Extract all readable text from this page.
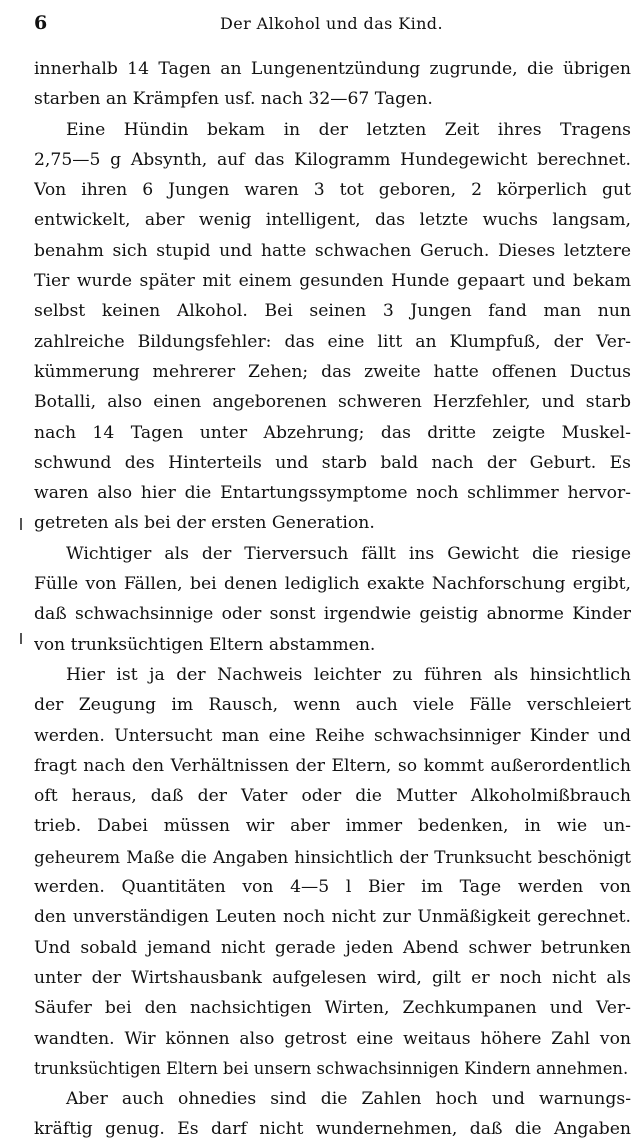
6	Der Alkohol und das Kind.
innerhalb 14 Tagen an Lungenentzündung zugrunde, die übrigen
starben an Krämpfen usf. nach 32—67 Tagen.
Eine Hündin bekam in der letzten Zeit ihres Tragens
2,75—5 g Absynth, auf das Kilogramm Hundegewicht berechnet.
Von ihren 6 Jungen waren 3 tot geboren, 2 körperlich gut
entwickelt, aber wenig intelligent, das letzte wuchs langsam,
benahm sich stupid und hatte schwachen Geruch. Dieses letztere
Tier wurde später mit einem gesunden Hunde gepaart und bekam
selbst keinen Alkohol. Bei seinen 3 Jungen fand man nun
zahlreiche Bildungsfehler: das eine litt an Klumpfuß, der Ver-
kümmerung mehrerer Zehen; das zweite hatte offenen Ductus
Botalli, also einen angeborenen schweren Herzfehler, und starb
nach 14 Tagen unter Abzehrung; das dritte zeigte Muskel-
schwund des Hinterteils und starb bald nach der Geburt. Es
waren also hier die Entartungssymptome noch schlimmer hervor-
getreten als bei der ersten Generation.
Wichtiger als der Tierversuch fällt ins Gewicht die riesige
Fülle von Fällen, bei denen lediglich exakte Nachforschung ergibt,
daß schwachsinnige oder sonst irgendwie geistig abnorme Kinder
von trunksüchtigen Eltern abstammen.
Hier ist ja der Nachweis leichter zu führen als hinsichtlich
der Zeugung im Rausch, wenn auch viele Fälle verschleiert
werden. Untersucht man eine Reihe schwachsinniger Kinder und
fragt nach den Verhältnissen der Eltern, so kommt außerordentlich
oft heraus, daß der Vater oder die Mutter Alkoholmißbrauch
trieb. Dabei müssen wir aber immer bedenken, in wie un-
geheurem Maße die Angaben hinsichtlich der Trunksucht beschönigt
werden. Quantitäten von 4—5 l Bier im Tage werden von
den unverständigen Leuten noch nicht zur Unmäßigkeit gerechnet.
Und sobald jemand nicht gerade jeden Abend schwer betrunken
unter der Wirtshausbank aufgelesen wird, gilt er noch nicht als
Säufer bei den nachsichtigen Wirten, Zechkumpanen und Ver-
wandten. Wir können also getrost eine weitaus höhere Zahl von
trunksüchtigen Eltern bei unsern schwachsinnigen Kindern annehmen.
Aber auch ohnedies sind die Zahlen hoch und warnungs-
kräftig genug. Es darf nicht wundernehmen, daß die Angaben
